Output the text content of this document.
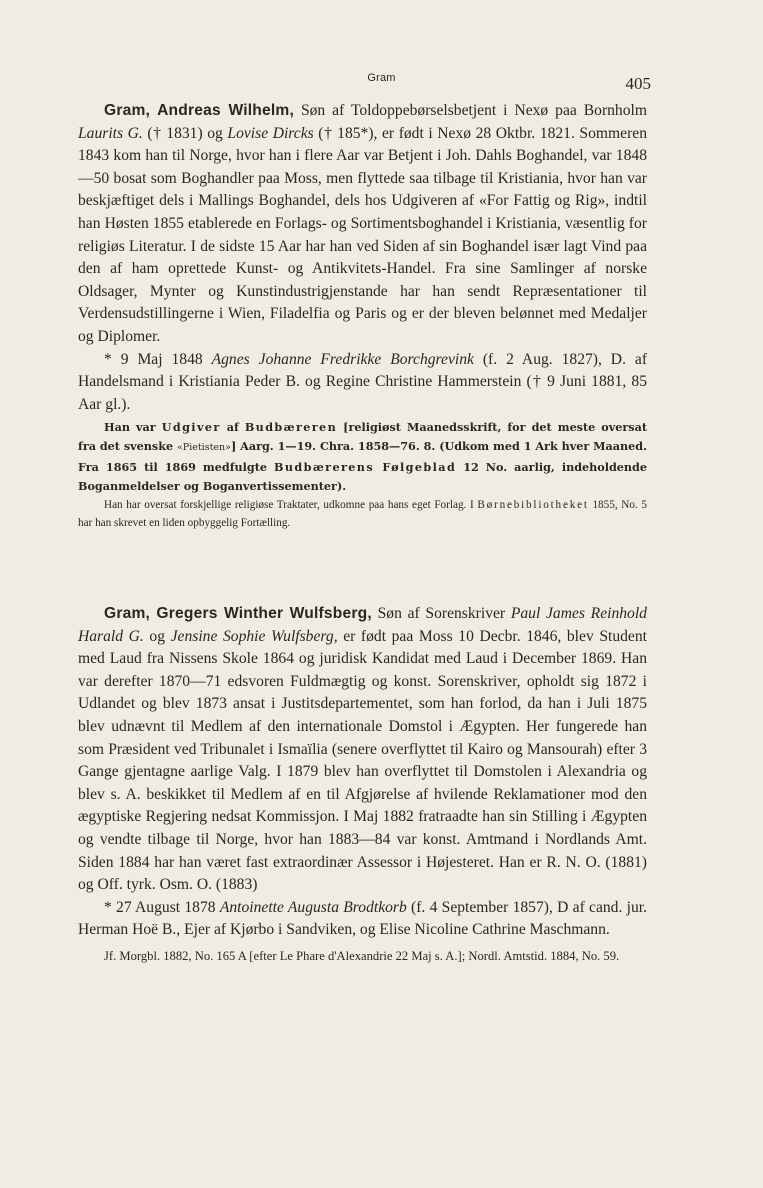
Gram	405

Gram, Andreas Wilhelm, Søn af Toldoppebørselsbetjent i Nexø paa Bornholm Laurits G. († 1831) og Lovise Dircks († 185*), er født i Nexø 28 Oktbr. 1821. Sommeren 1843 kom han til Norge, hvor han i flere Aar var Betjent i Joh. Dahls Boghandel, var 1848—50 bosat som Boghandler paa Moss, men flyttede saa tilbage til Kristiania, hvor han var beskjæftiget dels i Mallings Boghandel, dels hos Udgiveren af «For Fattig og Rig», indtil han Høsten 1855 etablerede en Forlags- og Sortimentsboghandel i Kristiania, væsentlig for religiøs Literatur. I de sidste 15 Aar har han ved Siden af sin Boghandel især lagt Vind paa den af ham oprettede Kunst- og Antikvitets-Handel. Fra sine Samlinger af norske Oldsager, Mynter og Kunstindustrigjenstande har han sendt Repræsentationer til Verdensudstillingerne i Wien, Filadelfia og Paris og er der bleven belønnet med Medaljer og Diplomer.

* 9 Maj 1848 Agnes Johanne Fredrikke Borchgrevink (f. 2 Aug. 1827), D. af Handelsmand i Kristiania Peder B. og Regine Christine Hammerstein († 9 Juni 1881, 85 Aar gl.).

Han var Udgiver af Budbæreren [religiøst Maanedsskrift, for det meste oversat fra det svenske «Pietisten»] Aarg. 1—19. Chra. 1858—76. 8. (Udkom med 1 Ark hver Maaned. Fra 1865 til 1869 medfulgte Budbærerens Følgeblad 12 No. aarlig, indeholdende Boganmeldelser og Boganvertissementer).

Han har oversat forskjellige religiøse Traktater, udkomne paa hans eget Forlag. I Børnebibliotheket 1855, No. 5 har han skrevet en liden opbyggelig Fortælling.

Gram, Gregers Winther Wulfsberg, Søn af Sorenskriver Paul James Reinhold Harald G. og Jensine Sophie Wulfsberg, er født paa Moss 10 Decbr. 1846, blev Student med Laud fra Nissens Skole 1864 og juridisk Kandidat med Laud i December 1869. Han var derefter 1870—71 edsvoren Fuldmægtig og konst. Sorenskriver, opholdt sig 1872 i Udlandet og blev 1873 ansat i Justitsdepartementet, som han forlod, da han i Juli 1875 blev udnævnt til Medlem af den internationale Domstol i Ægypten. Her fungerede han som Præsident ved Tribunalet i Ismaïlia (senere overflyttet til Kairo og Mansourah) efter 3 Gange gjentagne aarlige Valg. I 1879 blev han overflyttet til Domstolen i Alexandria og blev s. A. beskikket til Medlem af en til Afgjørelse af hvilende Reklamationer mod den ægyptiske Regjering nedsat Kommissjon. I Maj 1882 fratraadte han sin Stilling i Ægypten og vendte tilbage til Norge, hvor han 1883—84 var konst. Amtmand i Nordlands Amt. Siden 1884 har han været fast extraordinær Assessor i Højesteret. Han er R. N. O. (1881) og Off. tyrk. Osm. O. (1883)

* 27 August 1878 Antoinette Augusta Brodtkorb (f. 4 September 1857), D af cand. jur. Herman Hoë B., Ejer af Kjørbo i Sandviken, og Elise Nicoline Cathrine Maschmann.

Jf. Morgbl. 1882, No. 165 A [efter Le Phare d'Alexandrie 22 Maj s. A.]; Nordl. Amtstid. 1884, No. 59.
